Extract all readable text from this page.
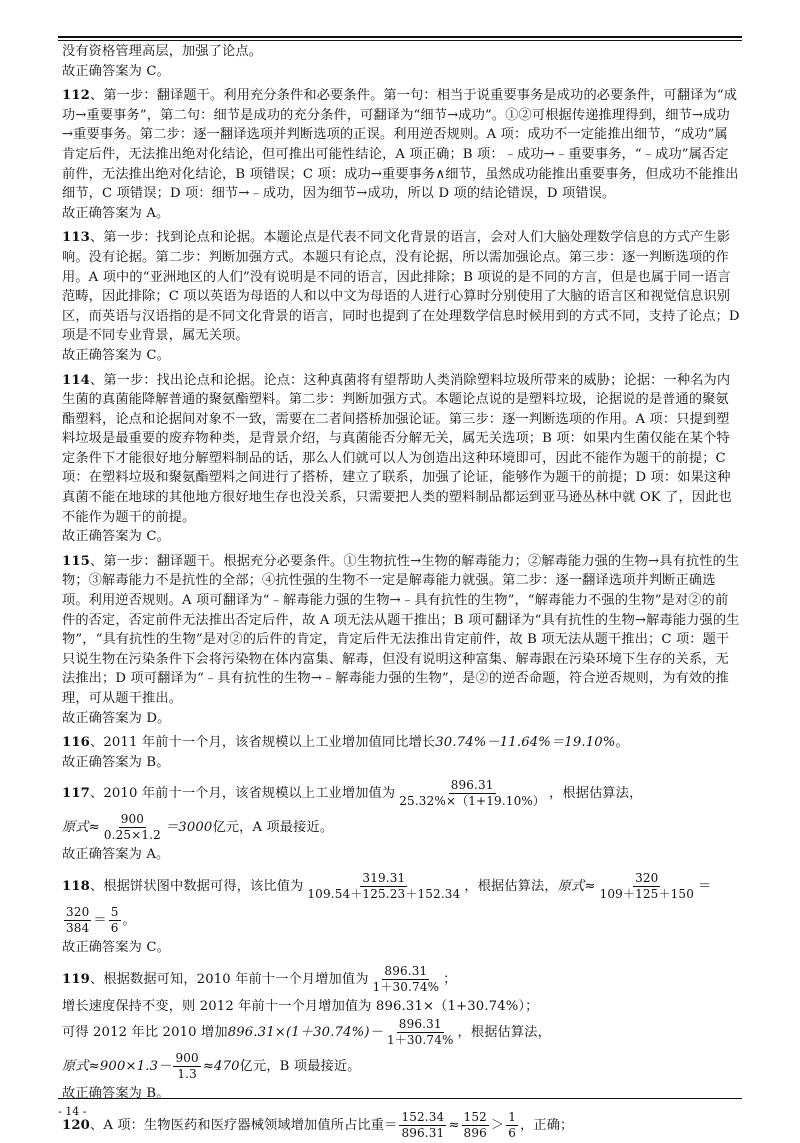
没有资格管理高层，加强了论点。

故正确答案为 C。

112、第一步：翻译题干。利用充分条件和必要条件。第一句：相当于说重要事务是成功的必要条件，可翻译为“成功→重要事务”，第二句：细节是成功的充分条件，可翻译为“细节→成功”。①②可根据传递推理得到，细节→成功→重要事务。第二步：逐一翻译选项并判断选项的正误。利用逆否规则。A 项：成功不一定能推出细节，“成功”属肯定后件，无法推出绝对化结论，但可推出可能性结论，A 项正确；B 项：﹣成功→﹣重要事务，“﹣成功”属否定前件，无法推出绝对化结论，B 项错误；C 项：成功→重要事务∧细节，虽然成功能推出重要事务，但成功不能推出细节，C 项错误；D 项：细节→﹣成功，因为细节→成功，所以 D 项的结论错误，D 项错误。

故正确答案为 A。

113、第一步：找到论点和论据。本题论点是代表不同文化背景的语言，会对人们大脑处理数学信息的方式产生影响。没有论据。第二步：判断加强方式。本题只有论点，没有论据，所以需加强论点。第三步：逐一判断选项的作用。A 项中的“亚洲地区的人们”没有说明是不同的语言，因此排除；B 项说的是不同的方言，但是也属于同一语言范畴，因此排除；C 项以英语为母语的人和以中文为母语的人进行心算时分别使用了大脑的语言区和视觉信息识别区，而英语与汉语指的是不同文化背景的语言，同时也提到了在处理数学信息时候用到的方式不同，支持了论点；D 项是不同专业背景，属无关项。

故正确答案为 C。

114、第一步：找出论点和论据。论点：这种真菌将有望帮助人类消除塑料垃圾所带来的威胁；论据：一种名为内生菌的真菌能降解普通的聚氨酯塑料。第二步：判断加强方式。本题论点说的是塑料垃圾，论据说的是普通的聚氨酯塑料，论点和论据间对象不一致，需要在二者间搭桥加强论证。第三步：逐一判断选项的作用。A 项：只提到塑料垃圾是最重要的废弃物种类，是背景介绍，与真菌能否分解无关，属无关选项；B 项：如果内生菌仅能在某个特定条件下才能很好地分解塑料制品的话，那么人们就可以人为创造出这种环境即可，因此不能作为题干的前提；C 项：在塑料垃圾和聚氨酯塑料之间进行了搭桥，建立了联系，加强了论证，能够作为题干的前提；D 项：如果这种真菌不能在地球的其他地方很好地生存也没关系，只需要把人类的塑料制品都运到亚马逊丛林中就 OK 了，因此也不能作为题干的前提。

故正确答案为 C。

115、第一步：翻译题干。根据充分必要条件。①生物抗性→生物的解毒能力；②解毒能力强的生物→具有抗性的生物；③解毒能力不是抗性的全部；④抗性强的生物不一定是解毒能力就强。第二步：逐一翻译选项并判断正确选项。利用逆否规则。A 项可翻译为“﹣解毒能力强的生物→﹣具有抗性的生物”，“解毒能力不强的生物”是对②的前件的否定，否定前件无法推出否定后件，故 A 项无法从题干推出；B 项可翻译为“具有抗性的生物→解毒能力强的生物”，“具有抗性的生物”是对②的后件的肯定，肯定后件无法推出肯定前件，故 B 项无法从题干推出；C 项：题干只说生物在污染条件下会将污染物在体内富集、解毒，但没有说明这种富集、解毒跟在污染环境下生存的关系，无法推出；D 项可翻译为“﹣具有抗性的生物→﹣解毒能力强的生物”，是②的逆否命题，符合逆否规则，为有效的推理，可从题干推出。

故正确答案为 D。

116、2011 年前十一个月，该省规模以上工业增加值同比增长30.74%－11.64%＝19.10%。

故正确答案为 B。

117、2010 年前十一个月，该省规模以上工业增加值为 $\frac{896.31}{25.32\%\times(1+19.10\%)}$ ，根据估算法，

原式≈ $\frac{900}{0.25\times 1.2} =3000$亿元，A 项最接近。

故正确答案为 A。

118、根据饼状图中数据可得，该比值为 $\frac{319.31}{109.54+125.23+152.34}$ ，根据估算法，原式≈ $\frac{320}{109+125+150}$ ＝
$\frac{320}{384} = \frac{5}{6}$ 。

故正确答案为 C。

119、根据数据可知，2010 年前十一个月增加值为 $\frac{896.31}{1+30.74\%}$ ；

增长速度保持不变，则 2012 年前十一个月增加值为 896.31×（1+30.74%）；

可得 2012 年比 2010 增加$896.31\times(1+30.74\%)- \frac{896.31}{1+30.74\%}$ ，根据估算法，

原式$\approx 900\times 1.3- \frac{900}{1.3} \approx 470$亿元，B 项最接近。

故正确答案为 B。

120、A 项：生物医药和医疗器械领域增加值所占比重＝ $\frac{152.34}{896.31} \approx \frac{152}{896} > \frac{1}{6}$ ，正确；

- 14 -
